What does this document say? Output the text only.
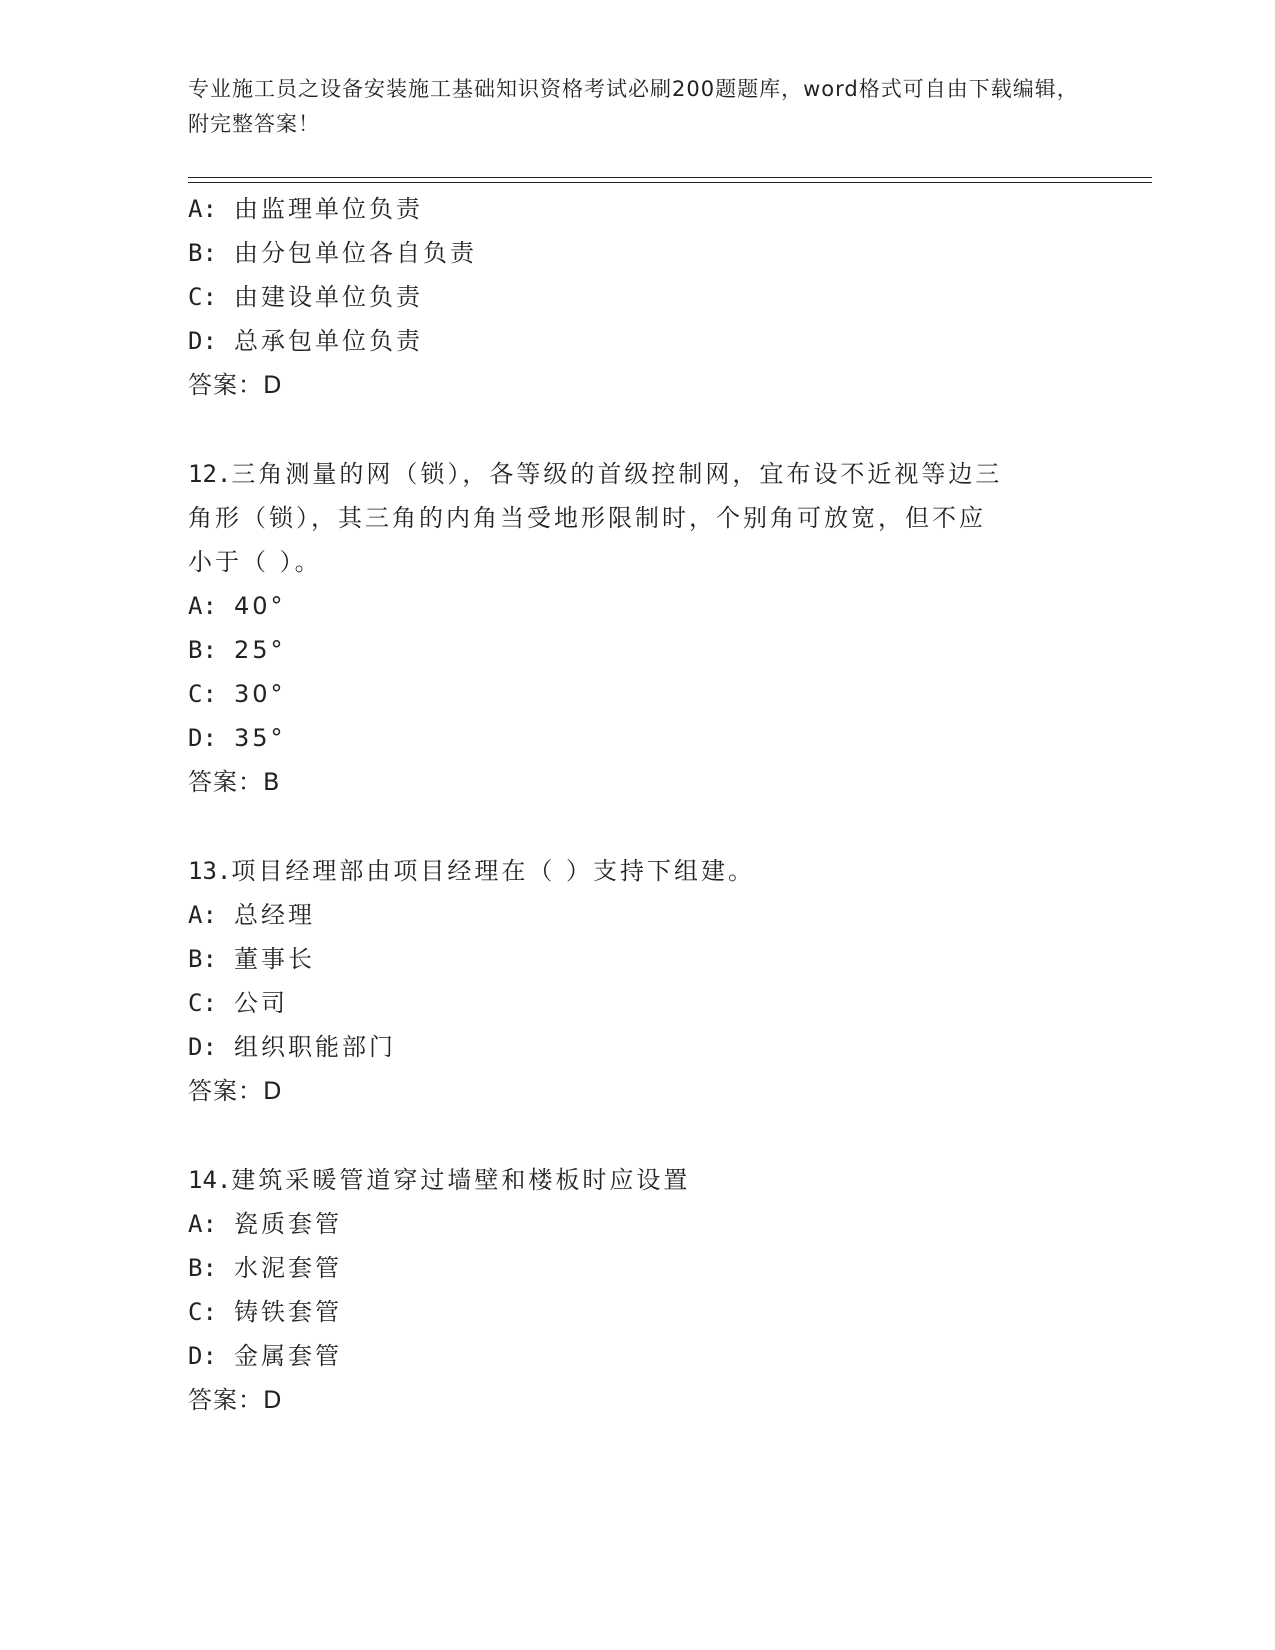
专业施工员之设备安装施工基础知识资格考试必刷200题题库，word格式可自由下载编辑，附完整答案！
A: 由监理单位负责
B: 由分包单位各自负责
C: 由建设单位负责
D: 总承包单位负责
答案：D
12.三角测量的网（锁），各等级的首级控制网，宜布设不近视等边三
角形（锁），其三角的内角当受地形限制时，个别角可放宽，但不应
小于（ ）。
A: 40°
B: 25°
C: 30°
D: 35°
答案：B
13.项目经理部由项目经理在（ ）支持下组建。
A: 总经理
B: 董事长
C: 公司
D: 组织职能部门
答案：D
14.建筑采暖管道穿过墙壁和楼板时应设置
A: 瓷质套管
B: 水泥套管
C: 铸铁套管
D: 金属套管
答案：D
